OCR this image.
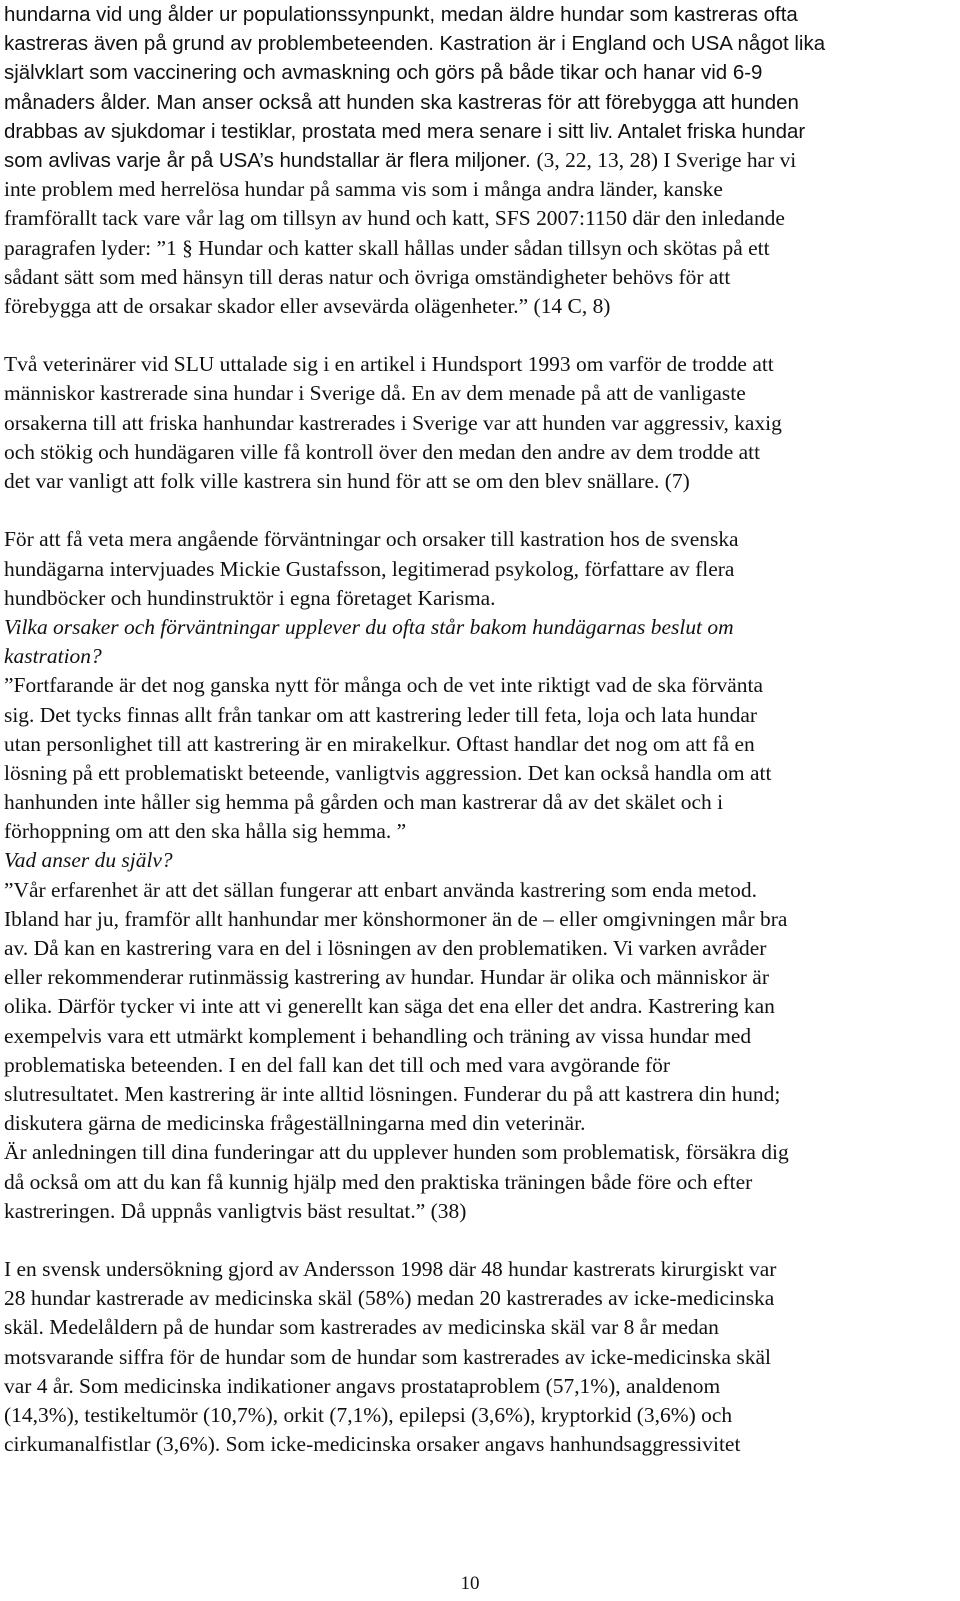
hundarna vid ung ålder ur populationssynpunkt, medan äldre hundar som kastreras ofta
kastreras även på grund av problembeteenden. Kastration är i England och USA något lika
självklart som vaccinering och avmaskning och görs på både tikar och hanar vid 6-9
månaders ålder. Man anser också att hunden ska kastreras för att förebygga att hunden
drabbas av sjukdomar i testiklar, prostata med mera senare i sitt liv. Antalet friska hundar
som avlivas varje år på USA’s hundstallar är flera miljoner. (3, 22, 13, 28) I Sverige har vi
inte problem med herrelösa hundar på samma vis som i många andra länder, kanske
framförallt tack vare vår lag om tillsyn av hund och katt, SFS 2007:1150 där den inledande
paragrafen lyder: ”1 § Hundar och katter skall hållas under sådan tillsyn och skötas på ett
sådant sätt som med hänsyn till deras natur och övriga omständigheter behövs för att
förebygga att de orsakar skador eller avsevärda olägenheter.” (14 C, 8)
Två veterinärer vid SLU uttalade sig i en artikel i Hundsport 1993 om varför de trodde att
människor kastrerade sina hundar i Sverige då. En av dem menade på att de vanligaste
orsakerna till att friska hanhundar kastrerades i Sverige var att hunden var aggressiv, kaxig
och stökig och hundägaren ville få kontroll över den medan den andre av dem trodde att
det var vanligt att folk ville kastrera sin hund för att se om den blev snällare. (7)
För att få veta mera angående förväntningar och orsaker till kastration hos de svenska
hundägarna intervjuades Mickie Gustafsson, legitimerad psykolog, författare av flera
hundböcker och hundinstruktör i egna företaget Karisma.
Vilka orsaker och förväntningar upplever du ofta står bakom hundägarnas beslut om
kastration?
”Fortfarande är det nog ganska nytt för många och de vet inte riktigt vad de ska förvänta
sig. Det tycks finnas allt från tankar om att kastrering leder till feta, loja och lata hundar
utan personlighet till att kastrering är en mirakelkur. Oftast handlar det nog om att få en
lösning på ett problematiskt beteende, vanligtvis aggression. Det kan också handla om att
hanhunden inte håller sig hemma på gården och man kastrerar då av det skälet och i
förhoppning om att den ska hålla sig hemma. ”
Vad anser du själv?
”Vår erfarenhet är att det sällan fungerar att enbart använda kastrering som enda metod.
Ibland har ju, framför allt hanhundar mer könshormoner än de – eller omgivningen mår bra
av. Då kan en kastrering vara en del i lösningen av den problematiken. Vi varken avråder
eller rekommenderar rutinmässig kastrering av hundar. Hundar är olika och människor är
olika. Därför tycker vi inte att vi generellt kan säga det ena eller det andra. Kastrering kan
exempelvis vara ett utmärkt komplement i behandling och träning av vissa hundar med
problematiska beteenden. I en del fall kan det till och med vara avgörande för
slutresultatet. Men kastrering är inte alltid lösningen. Funderar du på att kastrera din hund;
diskutera gärna de medicinska frågeställningarna med din veterinär.
Är anledningen till dina funderingar att du upplever hunden som problematisk, försäkra dig
då också om att du kan få kunnig hjälp med den praktiska träningen både före och efter
kastreringen. Då uppnås vanligtvis bäst resultat.” (38)
I en svensk undersökning gjord av Andersson 1998 där 48 hundar kastrerats kirurgiskt var
28 hundar kastrerade av medicinska skäl (58%) medan 20 kastrerades av icke-medicinska
skäl. Medelåldern på de hundar som kastrerades av medicinska skäl var 8 år medan
motsvarande siffra för de hundar som de hundar som kastrerades av icke-medicinska skäl
var 4 år. Som medicinska indikationer angavs prostataproblem (57,1%), analdenom
(14,3%), testikeltumör (10,7%), orkit (7,1%), epilepsi (3,6%), kryptorkid (3,6%) och
cirkumanalfistlar (3,6%). Som icke-medicinska orsaker angavs hanhundsaggressivitet
10
